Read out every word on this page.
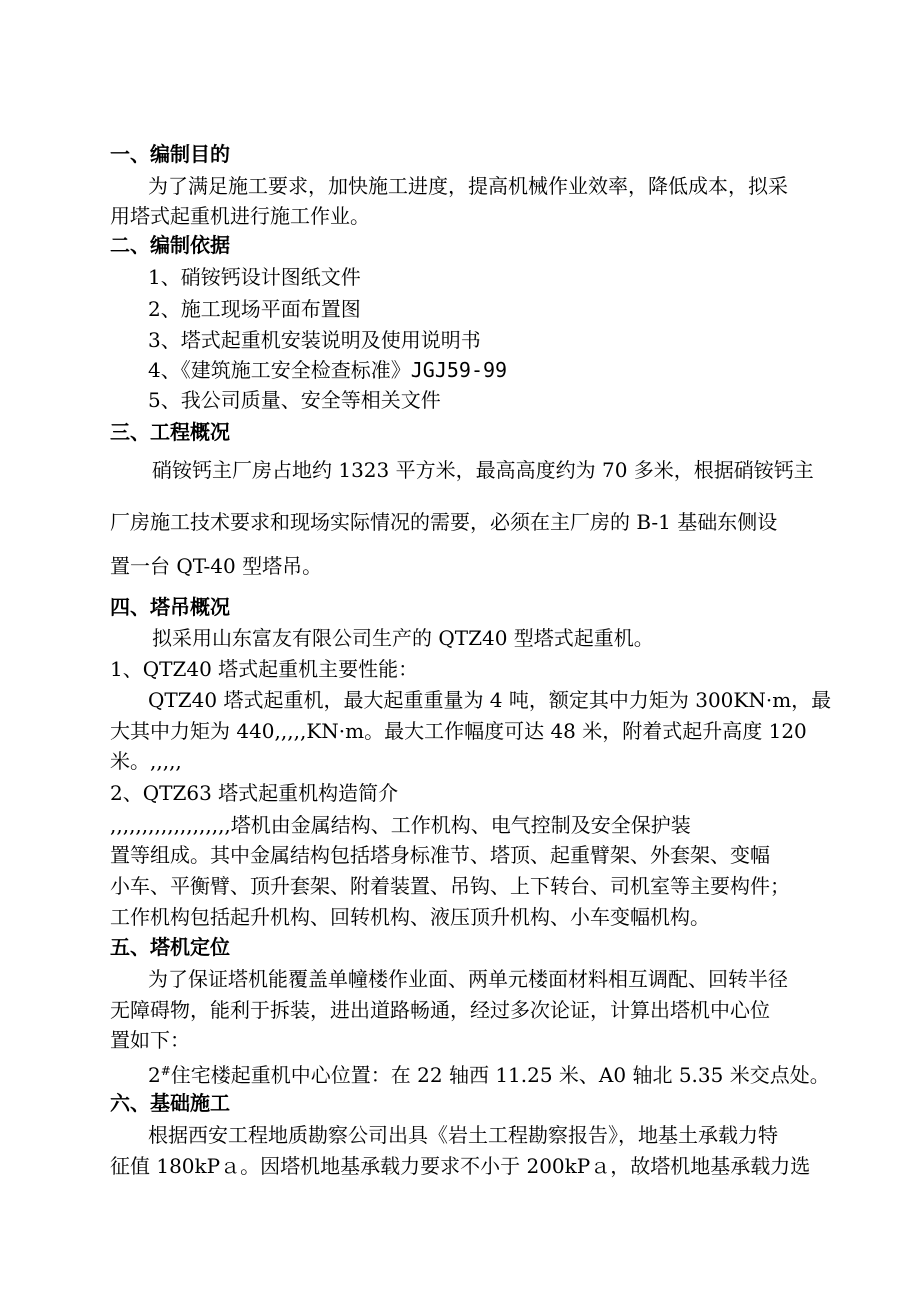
一、编制目的
为了满足施工要求，加快施工进度，提高机械作业效率，降低成本，拟采
用塔式起重机进行施工作业。
二、编制依据
1、硝铵钙设计图纸文件
2、施工现场平面布置图
3、塔式起重机安装说明及使用说明书
4、《建筑施工安全检查标准》JGJ59-99
5、我公司质量、安全等相关文件
三、工程概况
硝铵钙主厂房占地约 1323 平方米，最高高度约为 70 多米，根据硝铵钙主
厂房施工技术要求和现场实际情况的需要，必须在主厂房的 B-1 基础东侧设
置一台 QT-40 型塔吊。
四、塔吊概况
拟采用山东富友有限公司生产的 QTZ40 型塔式起重机。
1、QTZ40 塔式起重机主要性能：
QTZ40 塔式起重机，最大起重重量为 4 吨，额定其中力矩为 300KN·m，最
大其中力矩为 440,,,,,KN·m。最大工作幅度可达 48 米，附着式起升高度 120
米。,,,,,
2、QTZ63 塔式起重机构造简介
,,,,,,,,,,,,,,,,,,,塔机由金属结构、工作机构、电气控制及安全保护装
置等组成。其中金属结构包括塔身标准节、塔顶、起重臂架、外套架、变幅
小车、平衡臂、顶升套架、附着装置、吊钩、上下转台、司机室等主要构件；
工作机构包括起升机构、回转机构、液压顶升机构、小车变幅机构。
五、塔机定位
为了保证塔机能覆盖单幢楼作业面、两单元楼面材料相互调配、回转半径
无障碍物，能利于拆装，进出道路畅通，经过多次论证，计算出塔机中心位
置如下：
2#住宅楼起重机中心位置：在 22 轴西 11.25 米、A0 轴北 5.35 米交点处。
六、基础施工
根据西安工程地质勘察公司出具《岩土工程勘察报告》，地基土承载力特
征值 180kPａ。因塔机地基承载力要求不小于 200kPａ，故塔机地基承载力选
